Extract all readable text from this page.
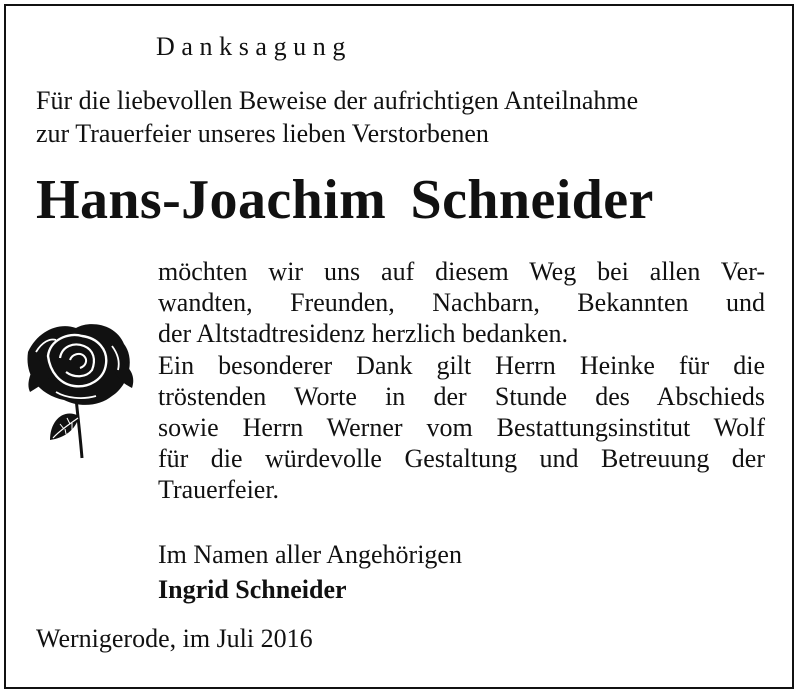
Danksagung
Für die liebevollen Beweise der aufrichtigen Anteilnahme
zur Trauerfeier unseres lieben Verstorbenen
Hans-Joachim Schneider
möchten wir uns auf diesem Weg bei allen Ver-
wandten, Freunden, Nachbarn, Bekannten und
der Altstadtresidenz herzlich bedanken.
Ein besonderer Dank gilt Herrn Heinke für die
tröstenden Worte in der Stunde des Abschieds
sowie Herrn Werner vom Bestattungsinstitut Wolf
für die würdevolle Gestaltung und Betreuung der
Trauerfeier.
Im Namen aller Angehörigen
Ingrid Schneider
Wernigerode, im Juli 2016
